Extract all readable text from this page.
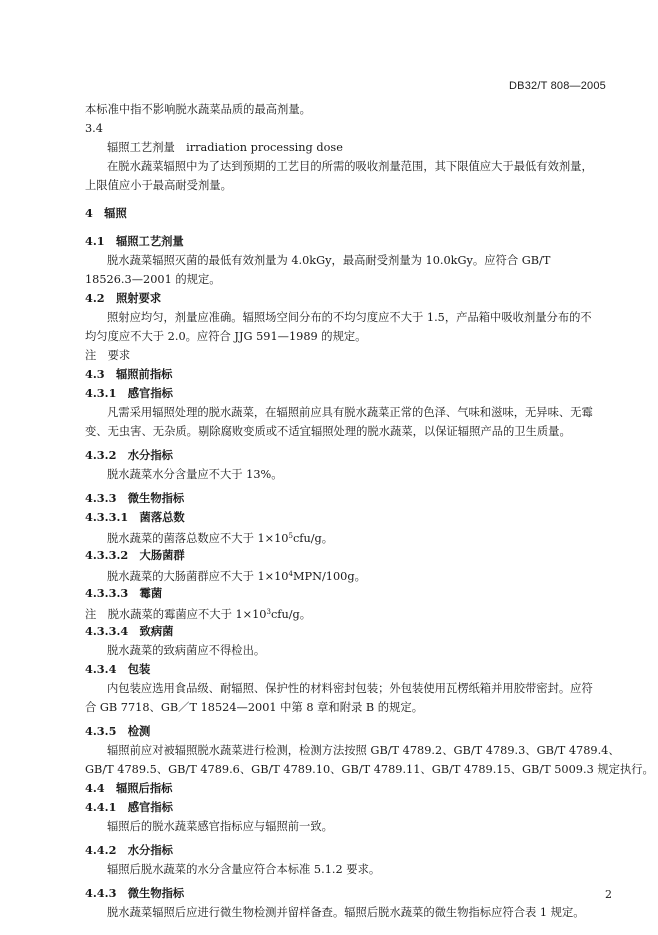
DB32/T 808—2005
本标准中指不影响脱水蔬菜品质的最高剂量。
3.4
辐照工艺剂量　irradiation processing dose
在脱水蔬菜辐照中为了达到预期的工艺目的所需的吸收剂量范围，其下限值应大于最低有效剂量，
上限值应小于最高耐受剂量。
4　辐照
4.1　辐照工艺剂量
脱水蔬菜辐照灭菌的最低有效剂量为 4.0kGy，最高耐受剂量为 10.0kGy。应符合 GB/T
18526.3—2001 的规定。
4.2　照射要求
照射应均匀，剂量应准确。辐照场空间分布的不均匀度应不大于 1.5，产品箱中吸收剂量分布的不
均匀度应不大于 2.0。应符合 JJG 591—1989 的规定。
注　要求
4.3　辐照前指标
4.3.1　感官指标
凡需采用辐照处理的脱水蔬菜，在辐照前应具有脱水蔬菜正常的色泽、气味和滋味，无异味、无霉
变、无虫害、无杂质。剔除腐败变质或不适宜辐照处理的脱水蔬菜，以保证辐照产品的卫生质量。
4.3.2　水分指标
脱水蔬菜水分含量应不大于 13%。
4.3.3　微生物指标
4.3.3.1　菌落总数
脱水蔬菜的菌落总数应不大于 $1\times 10^5cfu/g$。
4.3.3.2　大肠菌群
脱水蔬菜的大肠菌群应不大于 $1\times 10^4MPN/100g$。
4.3.3.3　霉菌
注　脱水蔬菜的霉菌应不大于 $1\times 10^3cfu/g$。
4.3.3.4　致病菌
脱水蔬菜的致病菌应不得检出。
4.3.4　包装
内包装应选用食品级、耐辐照、保护性的材料密封包装；外包装使用瓦楞纸箱并用胶带密封。应符
合 GB 7718、GB／T 18524—2001 中第 8 章和附录 B 的规定。
4.3.5　检测
辐照前应对被辐照脱水蔬菜进行检测，检测方法按照 GB/T 4789.2、GB/T 4789.3、GB/T 4789.4、
GB/T 4789.5、GB/T 4789.6、GB/T 4789.10、GB/T 4789.11、GB/T 4789.15、GB/T 5009.3 规定执行。
4.4　辐照后指标
4.4.1　感官指标
辐照后的脱水蔬菜感官指标应与辐照前一致。
4.4.2　水分指标
辐照后脱水蔬菜的水分含量应符合本标准 5.1.2 要求。
4.4.3　微生物指标
脱水蔬菜辐照后应进行微生物检测并留样备查。辐照后脱水蔬菜的微生物指标应符合表 1 规定。
2
